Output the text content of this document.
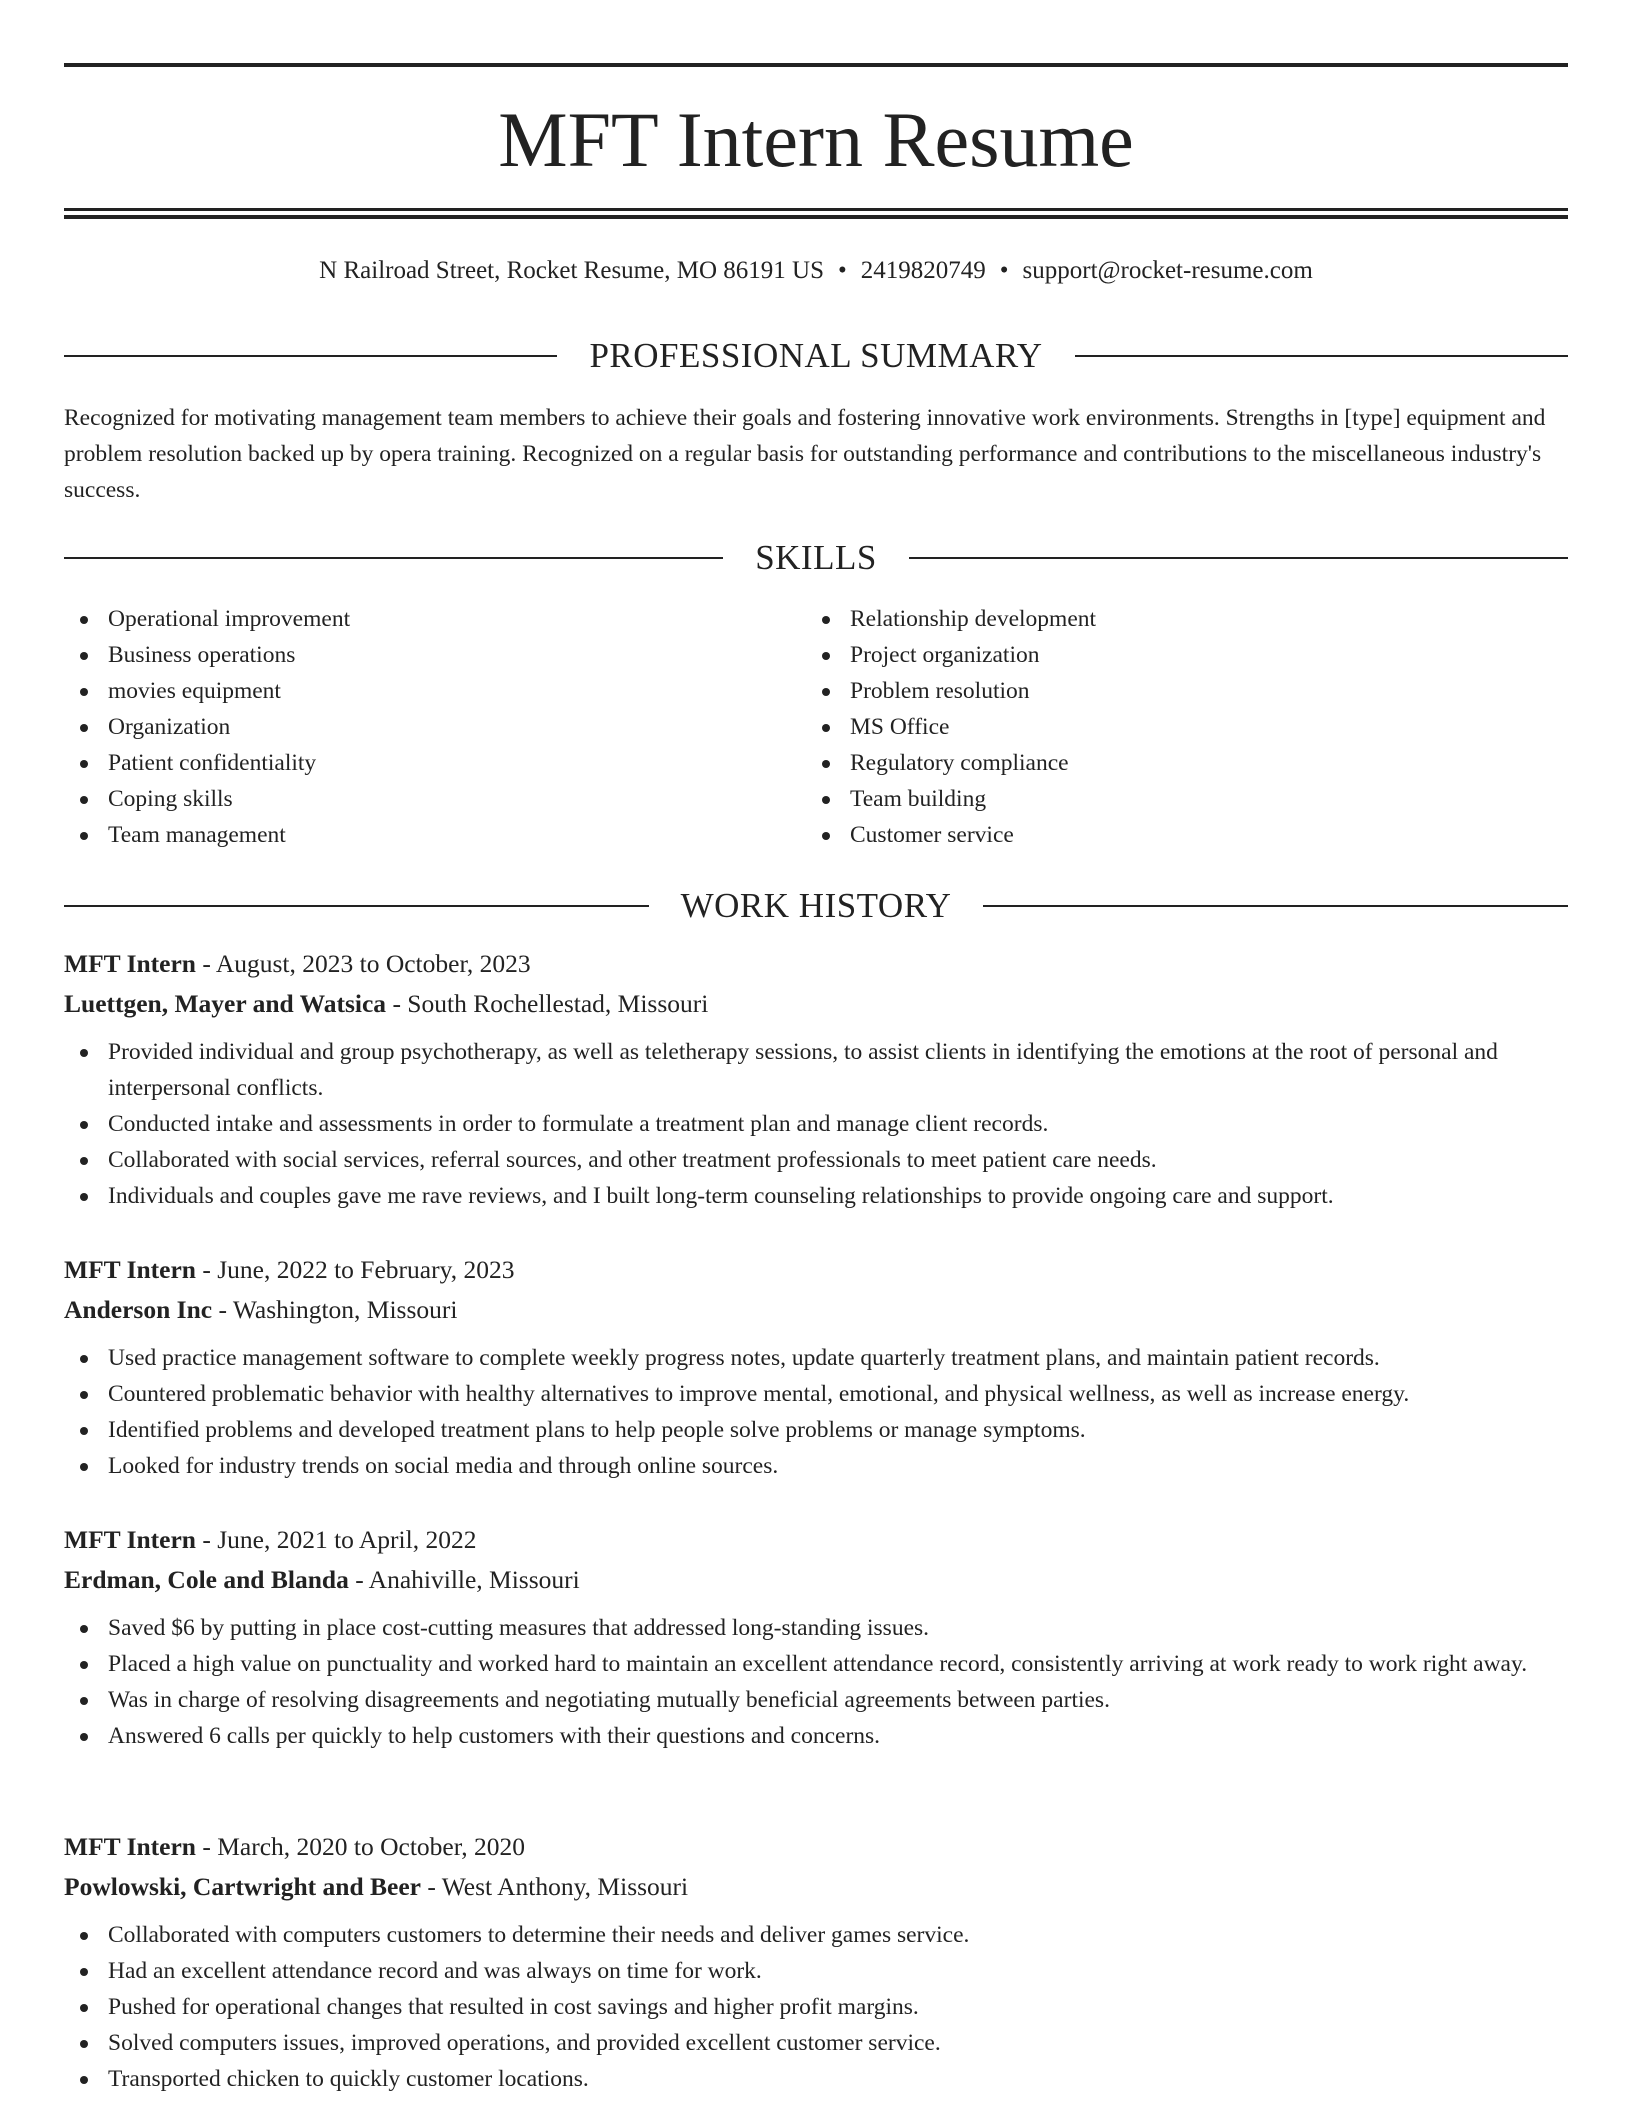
MFT Intern Resume
N Railroad Street, Rocket Resume, MO 86191 US • 2419820749 • support@rocket-resume.com
PROFESSIONAL SUMMARY

Recognized for motivating management team members to achieve their goals and fostering innovative work environments. Strengths in [type] equipment and problem resolution backed up by opera training. Recognized on a regular basis for outstanding performance and contributions to the miscellaneous industry's success.

SKILLS
Operational improvement
Business operations
movies equipment
Organization
Patient confidentiality
Coping skills
Team management
Relationship development
Project organization
Problem resolution
MS Office
Regulatory compliance
Team building
Customer service
WORK HISTORY

MFT Intern - August, 2023 to October, 2023

Luettgen, Mayer and Watsica - South Rochellestad, Missouri

Provided individual and group psychotherapy, as well as teletherapy sessions, to assist clients in identifying the emotions at the root of personal and interpersonal conflicts.
Conducted intake and assessments in order to formulate a treatment plan and manage client records.
Collaborated with social services, referral sources, and other treatment professionals to meet patient care needs.
Individuals and couples gave me rave reviews, and I built long-term counseling relationships to provide ongoing care and support.

MFT Intern - June, 2022 to February, 2023

Anderson Inc - Washington, Missouri

Used practice management software to complete weekly progress notes, update quarterly treatment plans, and maintain patient records.
Countered problematic behavior with healthy alternatives to improve mental, emotional, and physical wellness, as well as increase energy.
Identified problems and developed treatment plans to help people solve problems or manage symptoms.
Looked for industry trends on social media and through online sources.

MFT Intern - June, 2021 to April, 2022

Erdman, Cole and Blanda - Anahiville, Missouri

Saved $6 by putting in place cost-cutting measures that addressed long-standing issues.
Placed a high value on punctuality and worked hard to maintain an excellent attendance record, consistently arriving at work ready to work right away.
Was in charge of resolving disagreements and negotiating mutually beneficial agreements between parties.
Answered 6 calls per quickly to help customers with their questions and concerns.

MFT Intern - March, 2020 to October, 2020

Powlowski, Cartwright and Beer - West Anthony, Missouri

Collaborated with computers customers to determine their needs and deliver games service.
Had an excellent attendance record and was always on time for work.
Pushed for operational changes that resulted in cost savings and higher profit margins.
Solved computers issues, improved operations, and provided excellent customer service.
Transported chicken to quickly customer locations.
